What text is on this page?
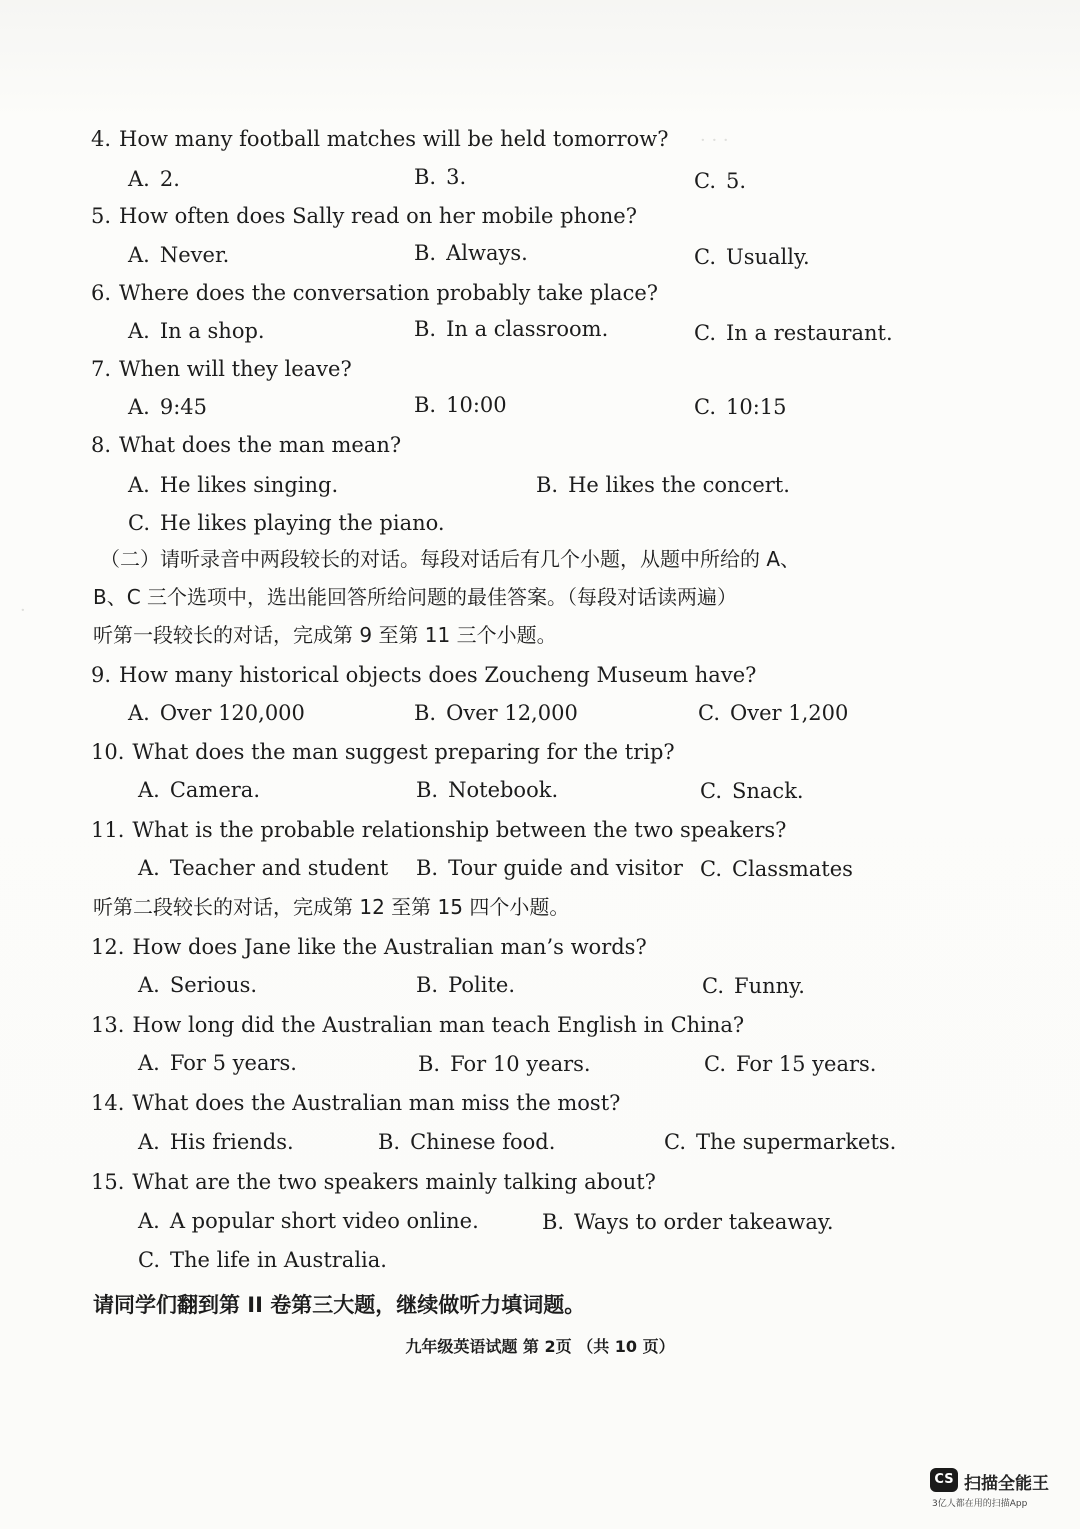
· · ·
·
4. How many football matches will be held tomorrow?
A. 2.	B. 3.	C. 5.
5. How often does Sally read on her mobile phone?
A. Never.	B. Always.	C. Usually.
6. Where does the conversation probably take place?
A. In a shop.	B. In a classroom.	C. In a restaurant.
7. When will they leave?
A. 9:45	B. 10:00	C. 10:15
8. What does the man mean?
A. He likes singing.	B. He likes the concert.
C. He likes playing the piano.
（二）请听录音中两段较长的对话。每段对话后有几个小题，从题中所给的 A、
B、C 三个选项中，选出能回答所给问题的最佳答案。（每段对话读两遍）
听第一段较长的对话，完成第 9 至第 11 三个小题。
9. How many historical objects does Zoucheng Museum have?
A. Over 120,000	B. Over 12,000	C. Over 1,200
10. What does the man suggest preparing for the trip?
A. Camera.	B. Notebook.	C. Snack.
11. What is the probable relationship between the two speakers?
A. Teacher and student B. Tour guide and visitor C. Classmates
听第二段较长的对话，完成第 12 至第 15 四个小题。
12. How does Jane like the Australian man’s words?
A. Serious.	B. Polite.	C. Funny.
13. How long did the Australian man teach English in China?
A. For 5 years.	B. For 10 years.	C. For 15 years.
14. What does the Australian man miss the most?
A. His friends.	B. Chinese food.	C. The supermarkets.
15. What are the two speakers mainly talking about?
A. A popular short video online.	B. Ways to order takeaway.
C. The life in Australia.
请同学们翻到第 II 卷第三大题，继续做听力填词题。
九年级英语试题 第 2页 （共 10 页）
CS 扫描全能王
3亿人都在用的扫描App
